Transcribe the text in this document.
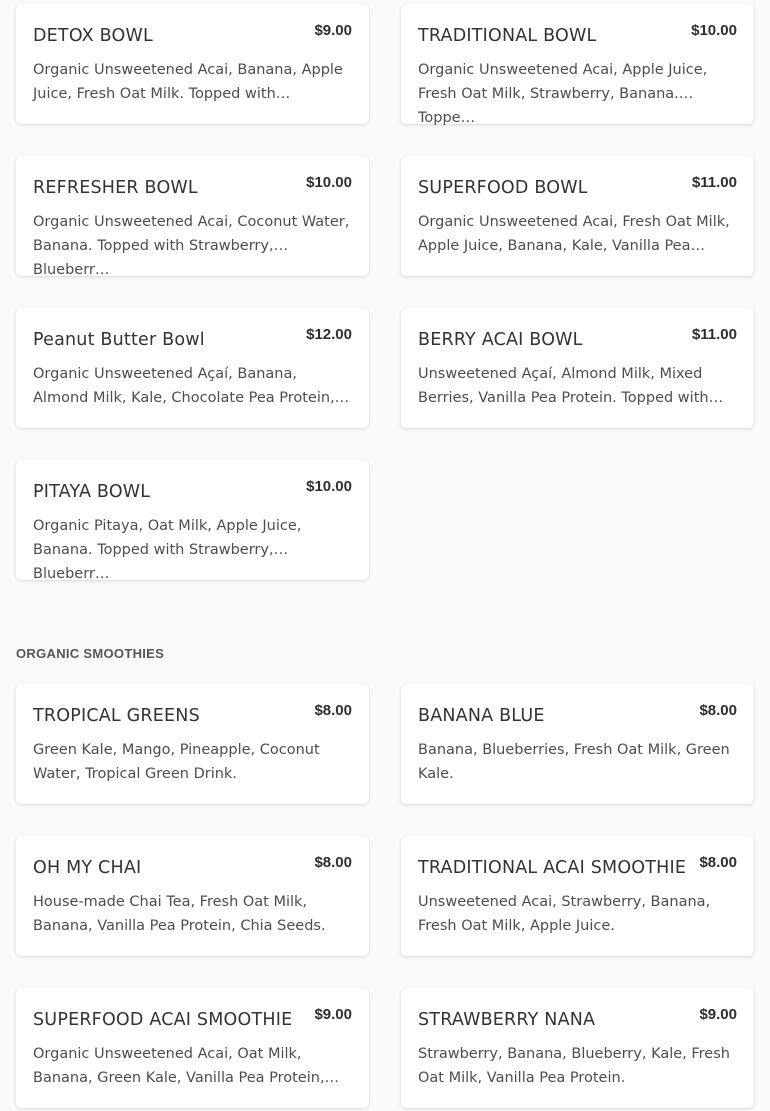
DETOX BOWL	$9.00
Organic Unsweetened Acai, Banana, Apple Juice, Fresh Oat Milk. Topped with…
TRADITIONAL BOWL	$10.00
Organic Unsweetened Acai, Apple Juice, Fresh Oat Milk, Strawberry, Banana. Toppe…
REFRESHER BOWL	$10.00
Organic Unsweetened Acai, Coconut Water, Banana. Topped with Strawberry, Blueberr…
SUPERFOOD BOWL	$11.00
Organic Unsweetened Acai, Fresh Oat Milk, Apple Juice, Banana, Kale, Vanilla Pea…
Peanut Butter Bowl	$12.00
Organic Unsweetened Açaí, Banana, Almond Milk, Kale, Chocolate Pea Protein,…
BERRY ACAI BOWL	$11.00
Unsweetened Açaí, Almond Milk, Mixed Berries, Vanilla Pea Protein. Topped with…
PITAYA BOWL	$10.00
Organic Pitaya, Oat Milk, Apple Juice, Banana. Topped with Strawberry, Blueberr…
ORGANIC SMOOTHIES
TROPICAL GREENS	$8.00
Green Kale, Mango, Pineapple, Coconut Water, Tropical Green Drink.
BANANA BLUE	$8.00
Banana, Blueberries, Fresh Oat Milk, Green Kale.
OH MY CHAI	$8.00
House-made Chai Tea, Fresh Oat Milk, Banana, Vanilla Pea Protein, Chia Seeds.
TRADITIONAL ACAI SMOOTHIE $8.00
Unsweetened Acai, Strawberry, Banana, Fresh Oat Milk, Apple Juice.
SUPERFOOD ACAI SMOOTHIE $9.00
Organic Unsweetened Acai, Oat Milk, Banana, Green Kale, Vanilla Pea Protein,…
STRAWBERRY NANA	$9.00
Strawberry, Banana, Blueberry, Kale, Fresh Oat Milk, Vanilla Pea Protein.
